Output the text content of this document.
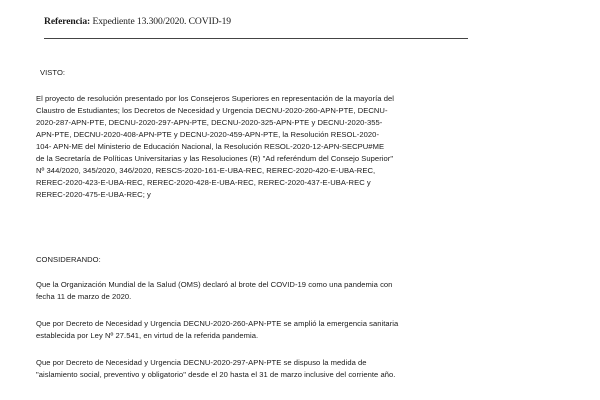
Referencia: Expediente 13.300/2020. COVID-19
VISTO:
El proyecto de resolución presentado por los Consejeros Superiores en representación de la mayoría del
Claustro de Estudiantes; los Decretos de Necesidad y Urgencia DECNU-2020-260-APN-PTE, DECNU-
2020-287-APN-PTE, DECNU-2020-297-APN-PTE, DECNU-2020-325-APN-PTE y DECNU-2020-355-
APN-PTE, DECNU-2020-408-APN-PTE y DECNU-2020-459-APN-PTE, la Resolución RESOL-2020-
104- APN-ME del Ministerio de Educación Nacional, la Resolución RESOL-2020-12-APN-SECPU#ME
de la Secretaría de Políticas Universitarias y las Resoluciones (R) "Ad referéndum del Consejo Superior"
Nº 344/2020, 345/2020, 346/2020, RESCS-2020-161-E-UBA-REC, REREC-2020-420-E-UBA-REC,
REREC-2020-423-E-UBA-REC, REREC-2020-428-E-UBA-REC, REREC-2020-437-E-UBA-REC y
REREC-2020-475-E-UBA-REC; y
CONSIDERANDO:
Que la Organización Mundial de la Salud (OMS) declaró al brote del COVID-19 como una pandemia con
fecha 11 de marzo de 2020.
Que por Decreto de Necesidad y Urgencia DECNU-2020-260-APN-PTE se amplió la emergencia sanitaria
establecida por Ley Nº 27.541, en virtud de la referida pandemia.
Que por Decreto de Necesidad y Urgencia DECNU-2020-297-APN-PTE se dispuso la medida de
"aislamiento social, preventivo y obligatorio" desde el 20 hasta el 31 de marzo inclusive del corriente año.
